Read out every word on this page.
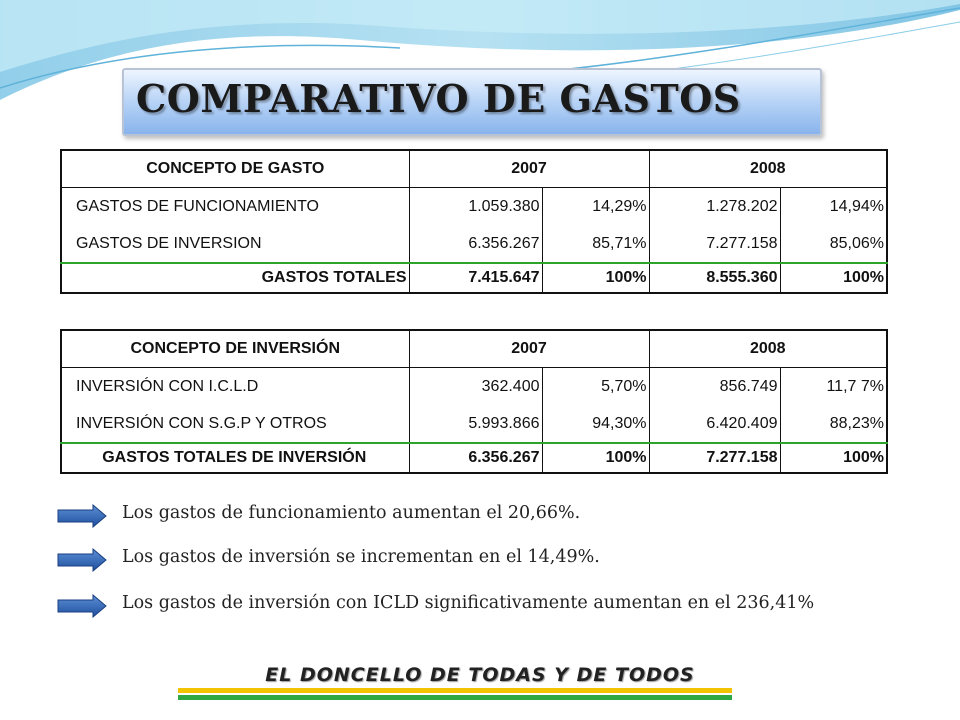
COMPARATIVO DE GASTOS
CONCEPTO DE GASTO	2007		2008	
GASTOS DE FUNCIONAMIENTO	1.059.380	14,29%	1.278.202	14,94%
GASTOS DE INVERSION	6.356.267	85,71%	7.277.158	85,06%
GASTOS TOTALES	7.415.647	100%	8.555.360	100%
CONCEPTO DE INVERSIÓN	2007		2008	
INVERSIÓN CON I.C.L.D	362.400	5,70%	856.749	11,7 7%
INVERSIÓN CON S.G.P Y OTROS	5.993.866	94,30%	6.420.409	88,23%
GASTOS TOTALES DE INVERSIÓN	6.356.267	100%	7.277.158	100%
Los gastos de funcionamiento aumentan el 20,66%.
Los gastos de inversión se incrementan en el 14,49%.
Los gastos de inversión con ICLD significativamente aumentan en el 236,41%
EL DONCELLO DE TODAS Y DE TODOS
